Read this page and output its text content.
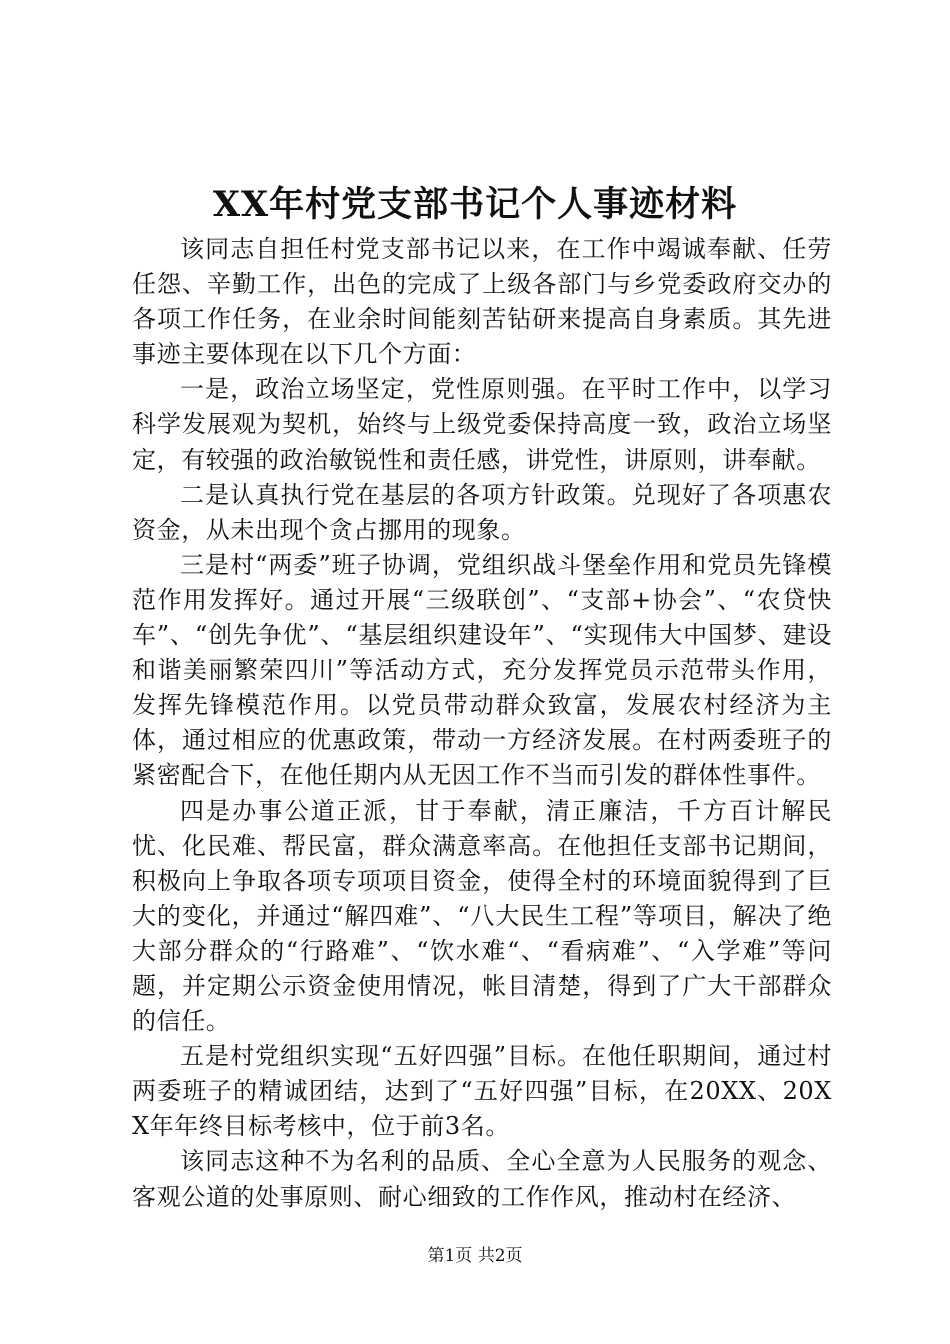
XX年村党支部书记个人事迹材料

该同志自担任村党支部书记以来，在工作中竭诚奉献、任劳任怨、辛勤工作，出色的完成了上级各部门与乡党委政府交办的各项工作任务，在业余时间能刻苦钻研来提高自身素质。其先进事迹主要体现在以下几个方面：

一是，政治立场坚定，党性原则强。在平时工作中，以学习科学发展观为契机，始终与上级党委保持高度一致，政治立场坚定，有较强的政治敏锐性和责任感，讲党性，讲原则，讲奉献。

二是认真执行党在基层的各项方针政策。兑现好了各项惠农资金，从未出现个贪占挪用的现象。

三是村“两委”班子协调，党组织战斗堡垒作用和党员先锋模范作用发挥好。通过开展“三级联创”、“支部+协会”、“农贷快车”、“创先争优”、“基层组织建设年”、“实现伟大中国梦、建设和谐美丽繁荣四川”等活动方式，充分发挥党员示范带头作用，发挥先锋模范作用。以党员带动群众致富，发展农村经济为主体，通过相应的优惠政策，带动一方经济发展。在村两委班子的紧密配合下，在他任期内从无因工作不当而引发的群体性事件。

四是办事公道正派，甘于奉献，清正廉洁，千方百计解民忧、化民难、帮民富，群众满意率高。在他担任支部书记期间，积极向上争取各项专项项目资金，使得全村的环境面貌得到了巨大的变化，并通过“解四难”、“八大民生工程”等项目，解决了绝大部分群众的“行路难”、“饮水难“、“看病难”、“入学难”等问题，并定期公示资金使用情况，帐目清楚，得到了广大干部群众的信任。

五是村党组织实现“五好四强”目标。在他任职期间，通过村两委班子的精诚团结，达到了“五好四强”目标，在20XX、20XX年年终目标考核中，位于前3名。

该同志这种不为名利的品质、全心全意为人民服务的观念、客观公道的处事原则、耐心细致的工作作风，推动村在经济、

第1页 共2页
